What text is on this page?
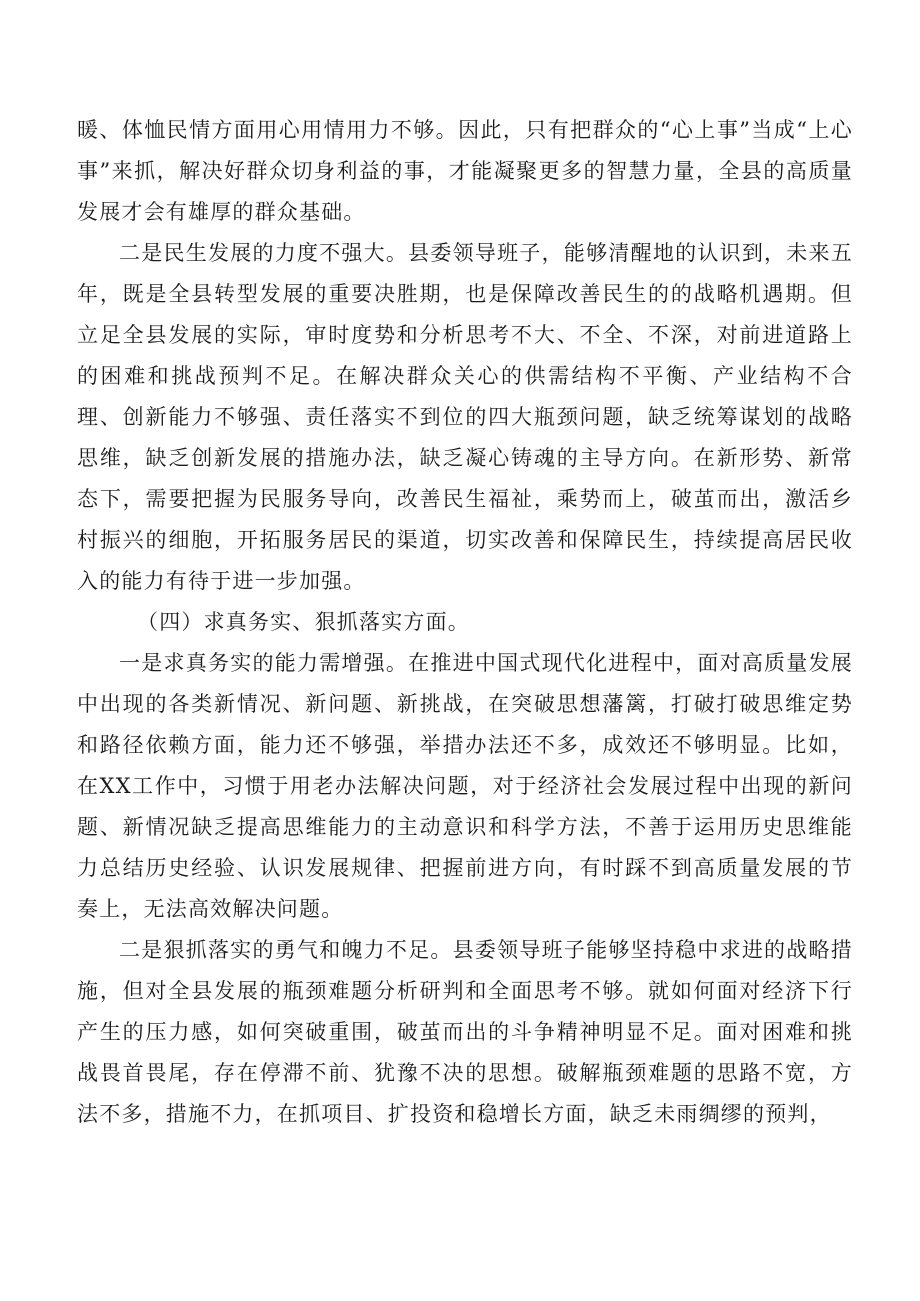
暖、体恤民情方面用心用情用力不够。因此，只有把群众的“心上事”当成“上心事”来抓，解决好群众切身利益的事，才能凝聚更多的智慧力量，全县的高质量发展才会有雄厚的群众基础。

二是民生发展的力度不强大。县委领导班子，能够清醒地的认识到，未来五年，既是全县转型发展的重要决胜期，也是保障改善民生的的战略机遇期。但立足全县发展的实际，审时度势和分析思考不大、不全、不深，对前进道路上的困难和挑战预判不足。在解决群众关心的供需结构不平衡、产业结构不合理、创新能力不够强、责任落实不到位的四大瓶颈问题，缺乏统筹谋划的战略思维，缺乏创新发展的措施办法，缺乏凝心铸魂的主导方向。在新形势、新常态下，需要把握为民服务导向，改善民生福祉，乘势而上，破茧而出，激活乡村振兴的细胞，开拓服务居民的渠道，切实改善和保障民生，持续提高居民收入的能力有待于进一步加强。

（四）求真务实、狠抓落实方面。

一是求真务实的能力需增强。在推进中国式现代化进程中，面对高质量发展中出现的各类新情况、新问题、新挑战，在突破思想藩篱，打破打破思维定势和路径依赖方面，能力还不够强，举措办法还不多，成效还不够明显。比如，在XX工作中，习惯于用老办法解决问题，对于经济社会发展过程中出现的新问题、新情况缺乏提高思维能力的主动意识和科学方法，不善于运用历史思维能力总结历史经验、认识发展规律、把握前进方向，有时踩不到高质量发展的节奏上，无法高效解决问题。

二是狠抓落实的勇气和魄力不足。县委领导班子能够坚持稳中求进的战略措施，但对全县发展的瓶颈难题分析研判和全面思考不够。就如何面对经济下行产生的压力感，如何突破重围，破茧而出的斗争精神明显不足。面对困难和挑战畏首畏尾，存在停滞不前、犹豫不决的思想。破解瓶颈难题的思路不宽，方法不多，措施不力，在抓项目、扩投资和稳增长方面，缺乏未雨绸缪的预判，
